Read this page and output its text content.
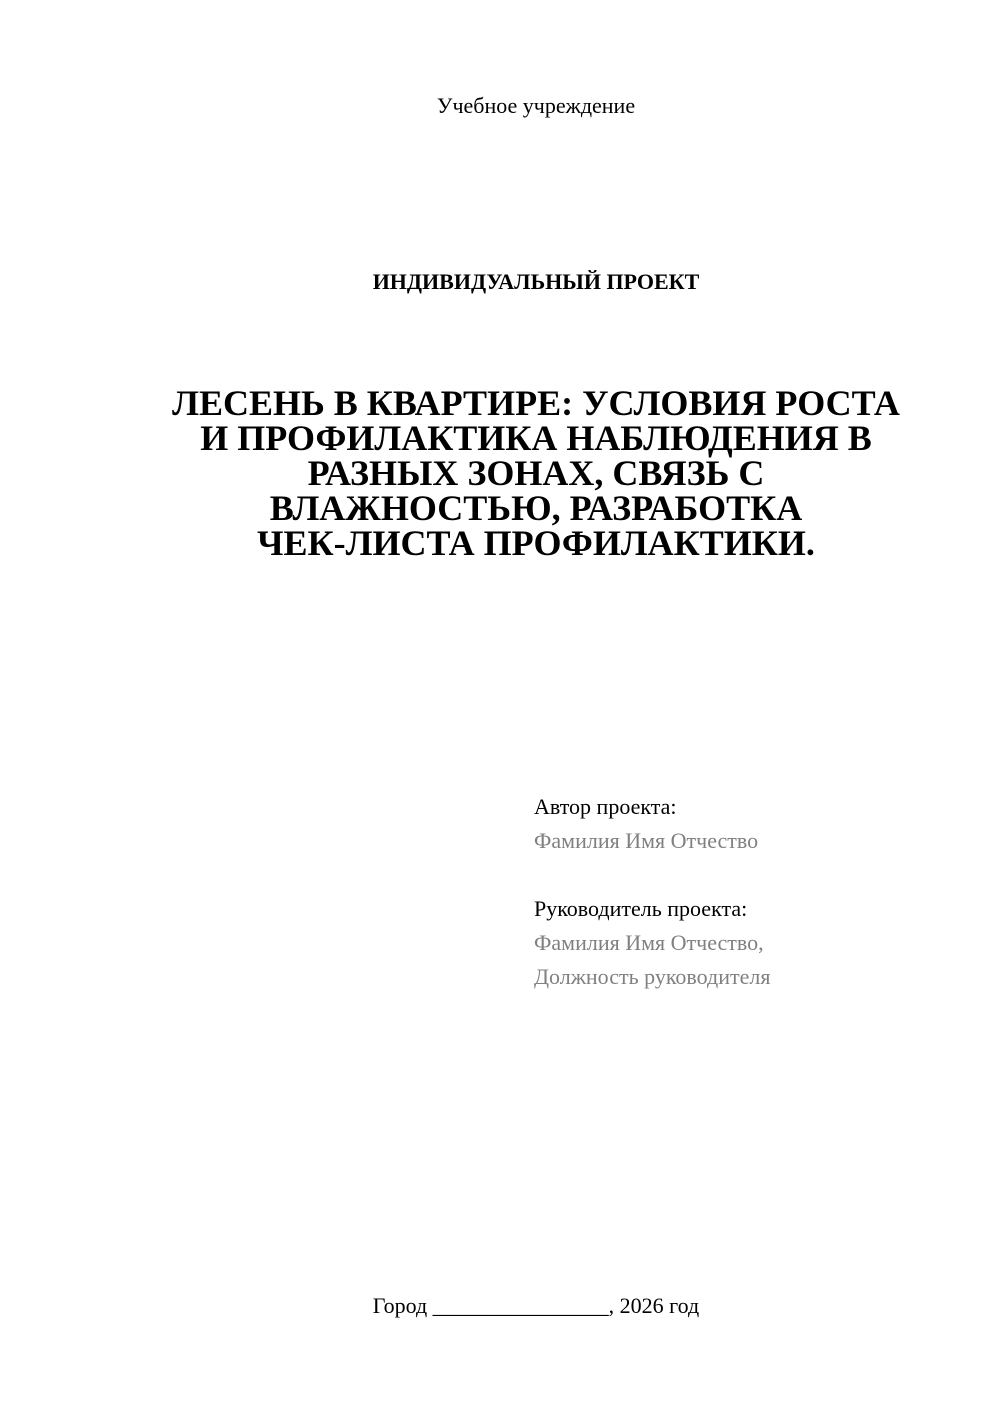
Учебное учреждение
ИНДИВИДУАЛЬНЫЙ ПРОЕКТ
ЛЕСЕНЬ В КВАРТИРЕ: УСЛОВИЯ РОСТА
И ПРОФИЛАКТИКА НАБЛЮДЕНИЯ В
РАЗНЫХ ЗОНАХ, СВЯЗЬ С
ВЛАЖНОСТЬЮ, РАЗРАБОТКА
ЧЕК-ЛИСТА ПРОФИЛАКТИКИ.
Автор проекта:
Фамилия Имя Отчество
Руководитель проекта:
Фамилия Имя Отчество,
Должность руководителя
Город ________________, 2026 год
